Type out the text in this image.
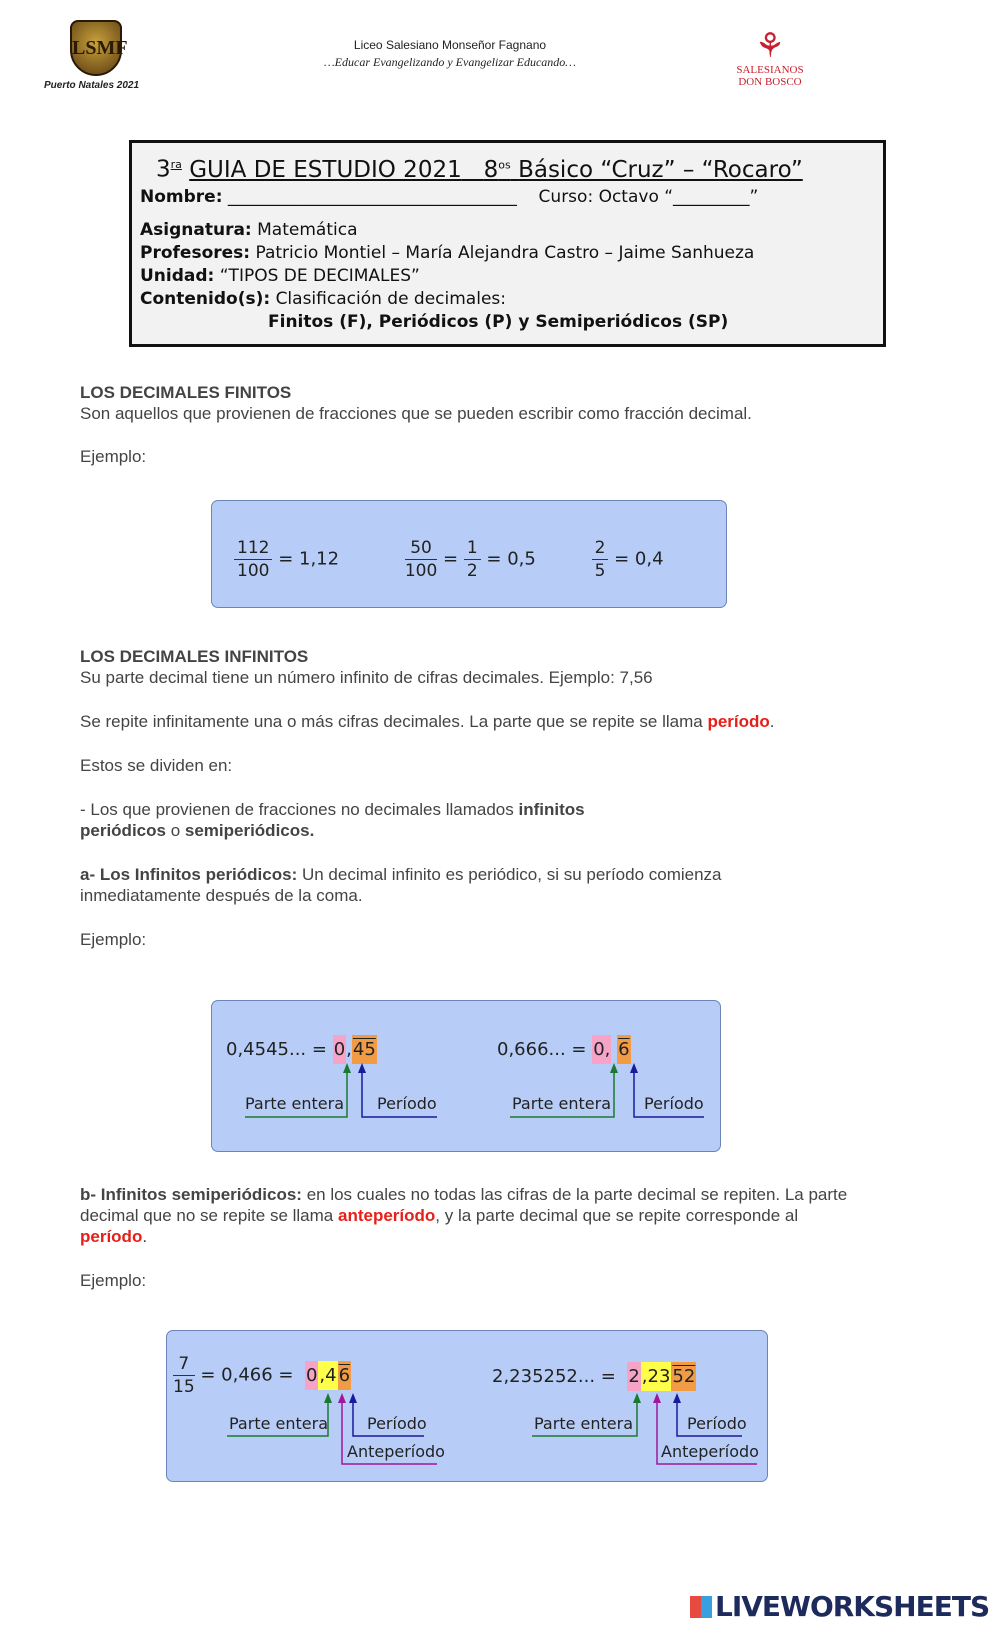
LSMF
Puerto Natales 2021
Liceo Salesiano Monseñor Fagnano
…Educar Evangelizando y Evangelizar Educando…	⚘
SALESIANOS
DON BOSCO
$3^{ra}$ GUIA DE ESTUDIO 2021 $8^{os}$ Básico “Cruz” – “Rocaro”
Nombre: __________________________________ Curso: Octavo “_________”
Asignatura: Matemática
Profesores: Patricio Montiel – María Alejandra Castro – Jaime Sanhueza
Unidad: “TIPOS DE DECIMALES”
Contenido(s): Clasificación de decimales:
Finitos (F), Periódicos (P) y Semiperiódicos (SP)
LOS DECIMALES FINITOS
Son aquellos que provienen de fracciones que se pueden escribir como fracción decimal.
Ejemplo:
$\frac{112}{100} = 1,12$	$\frac{50}{100} = \frac{1}{2} = 0,5$	$\frac{2}{5} = 0,4$
LOS DECIMALES INFINITOS
Su parte decimal tiene un número infinito de cifras decimales. Ejemplo: 7,56
Se repite infinitamente una o más cifras decimales. La parte que se repite se llama período.
Estos se dividen en:
- Los que provienen de fracciones no decimales llamados infinitos periódicos o semiperiódicos.
a- Los Infinitos periódicos: Un decimal infinito es periódico, si su período comienza inmediatamente después de la coma.
Ejemplo:
0,4545... = 0,45	0,666... = 0, 6
Parte entera Período	Parte entera Período
b- Infinitos semiperiódicos: en los cuales no todas las cifras de la parte decimal se repiten. La parte decimal que no se repite se llama anteperíodo, y la parte decimal que se repite corresponde al período.
Ejemplo:
$\frac{7}{15} = 0,466 = 0$ ,4 6	2,235252... = 2 ,23 52
Parte entera Período
Anteperíodo
Parte entera	Período
Anteperíodo
LIVEWORKSHEETS
